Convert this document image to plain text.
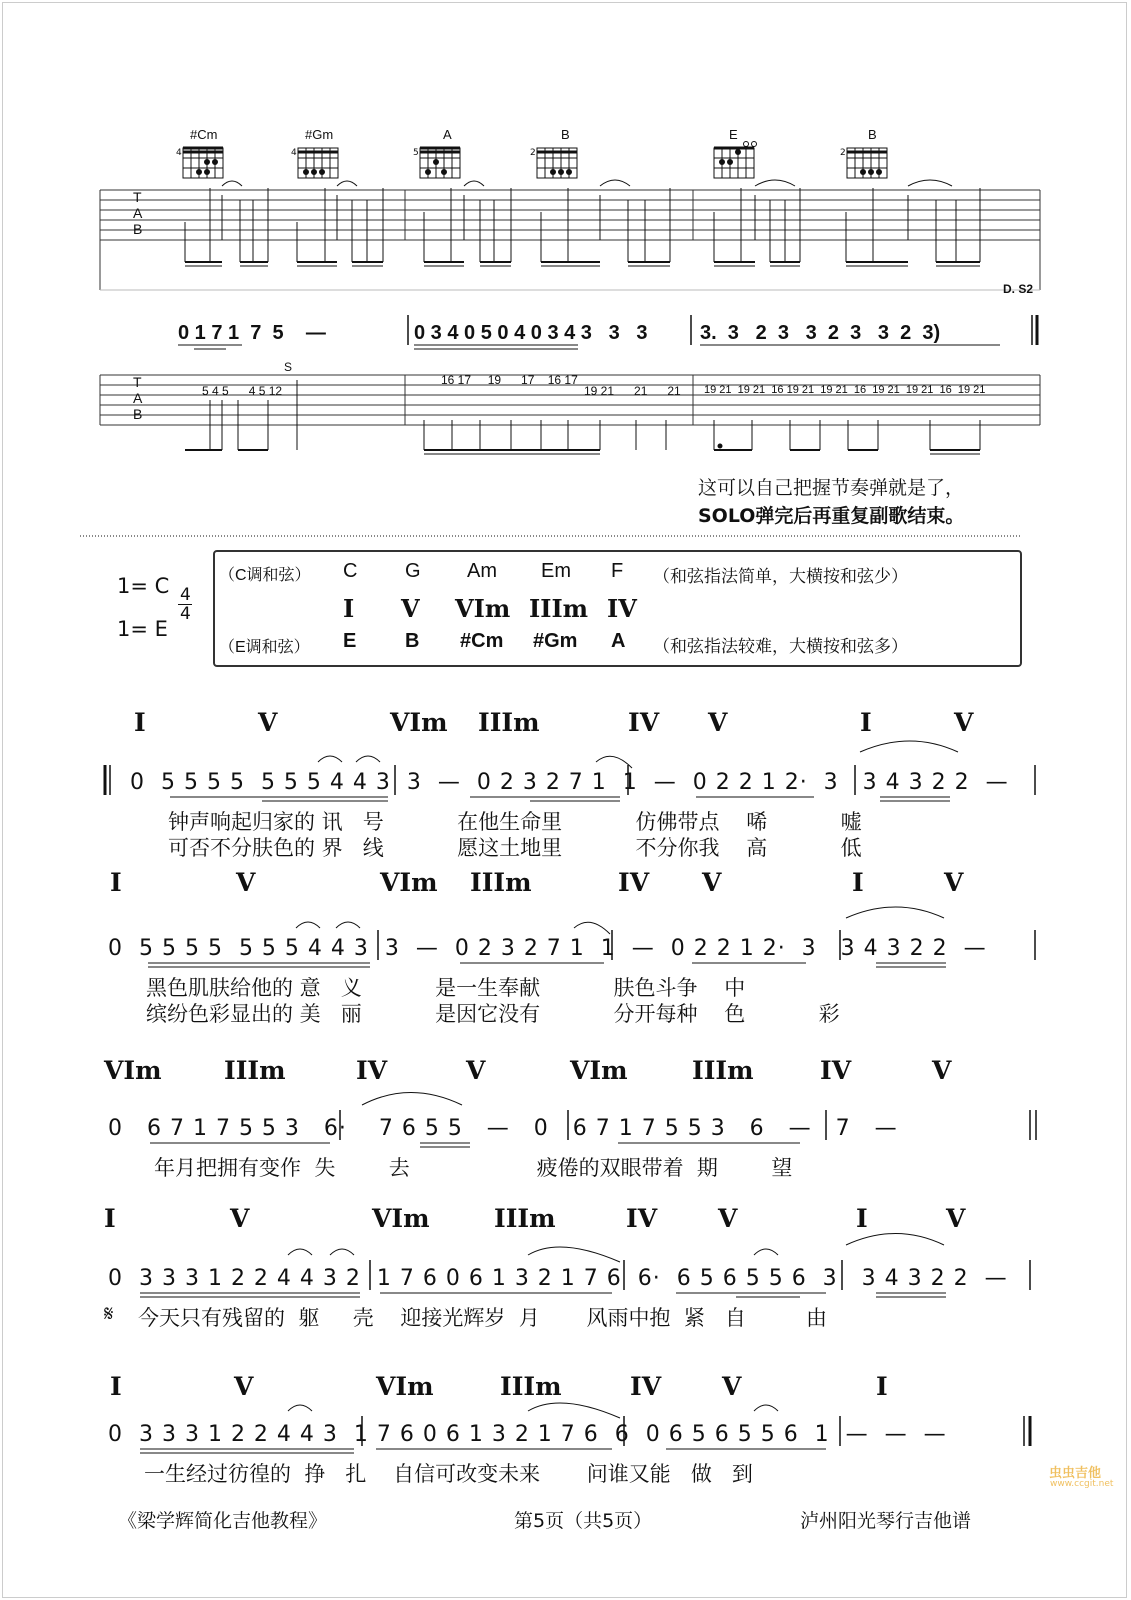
#Cm	#Gm	A	B	E	B
4	4	5	2	2
T
A
B
T
A
B
D. S2
0 1 7 1  7  5    —	0 3 4 0 5 0 4 0 3 4 3   3   3	3.  3   2  3   3  2  3   3  2  3)
5 4 5      4 5 12
S
16 17     19      17    16 17
19 21      21      21 19 21  19 21  16 19 21  19 21  16  19 21  19 21  16  19 21
这可以自己把握节奏弹就是了，
SOLO弹完后再重复副歌结束。
1= C
1= E
4
4
（C调和弦） C G Am Em F （和弦指法简单，大横按和弦少）
I V VIm IIIm IV
（E调和弦） E B #Cm #Gm A （和弦指法较难，大横按和弦多）
I	V	VIm IIIm	IV V	I	V
0  5 5 5 5  5 5 5 4 4 3  3  —  0 2 3 2 7 1  1  —  0 2 2 1 2·  3   3 4 3 2 2  —
钟声响起归家的 讯   号           在他生命里           仿佛带点    唏           嘘
可否不分肤色的 界   线           愿这土地里           不分你我    高           低
I	V	VIm IIIm	IV V	I	V
0  5 5 5 5  5 5 5 4 4 3  3  —  0 2 3 2 7 1  1  —  0 2 2 1 2·  3   3 4 3 2 2  —
黑色肌肤给他的 意   义           是一生奉献           肤色斗争    中
缤纷色彩显出的 美   丽           是因它没有           分开每种    色           彩
VIm IIIm	IV	V	VIm	IIIm	IV	V
0   6 7 1 7 5 5 3   6·    7 6 5 5   —   0   6 7 1 7 5 5 3   6   —   7   —
年月把拥有变作  失        去                   疲倦的双眼带着  期        望
I	V	VIm	IIIm	IV V	I	V
0  3 3 3 1 2 2 4 4 3 2  1 7 6 0 6 1 3 2 1 7 6  6·  6 5 6 5 5 6  3   3 4 3 2 2  —
𝄋 今天只有残留的  躯     壳    迎接光辉岁  月       风雨中抱  紧   自         由
I	V	VIm	IIIm	IV V	I
0  3 3 3 1 2 2 4 4 3  1 7 6 0 6 1 3 2 1 7 6  6  0 6 5 6 5 5 6  1  —  —  —
一生经过彷徨的  挣   扎    自信可改变未来       问谁又能   做   到
《梁学辉简化吉他教程》	第5页（共5页）	泸州阳光琴行吉他谱
虫虫吉他
www.ccgit.net
